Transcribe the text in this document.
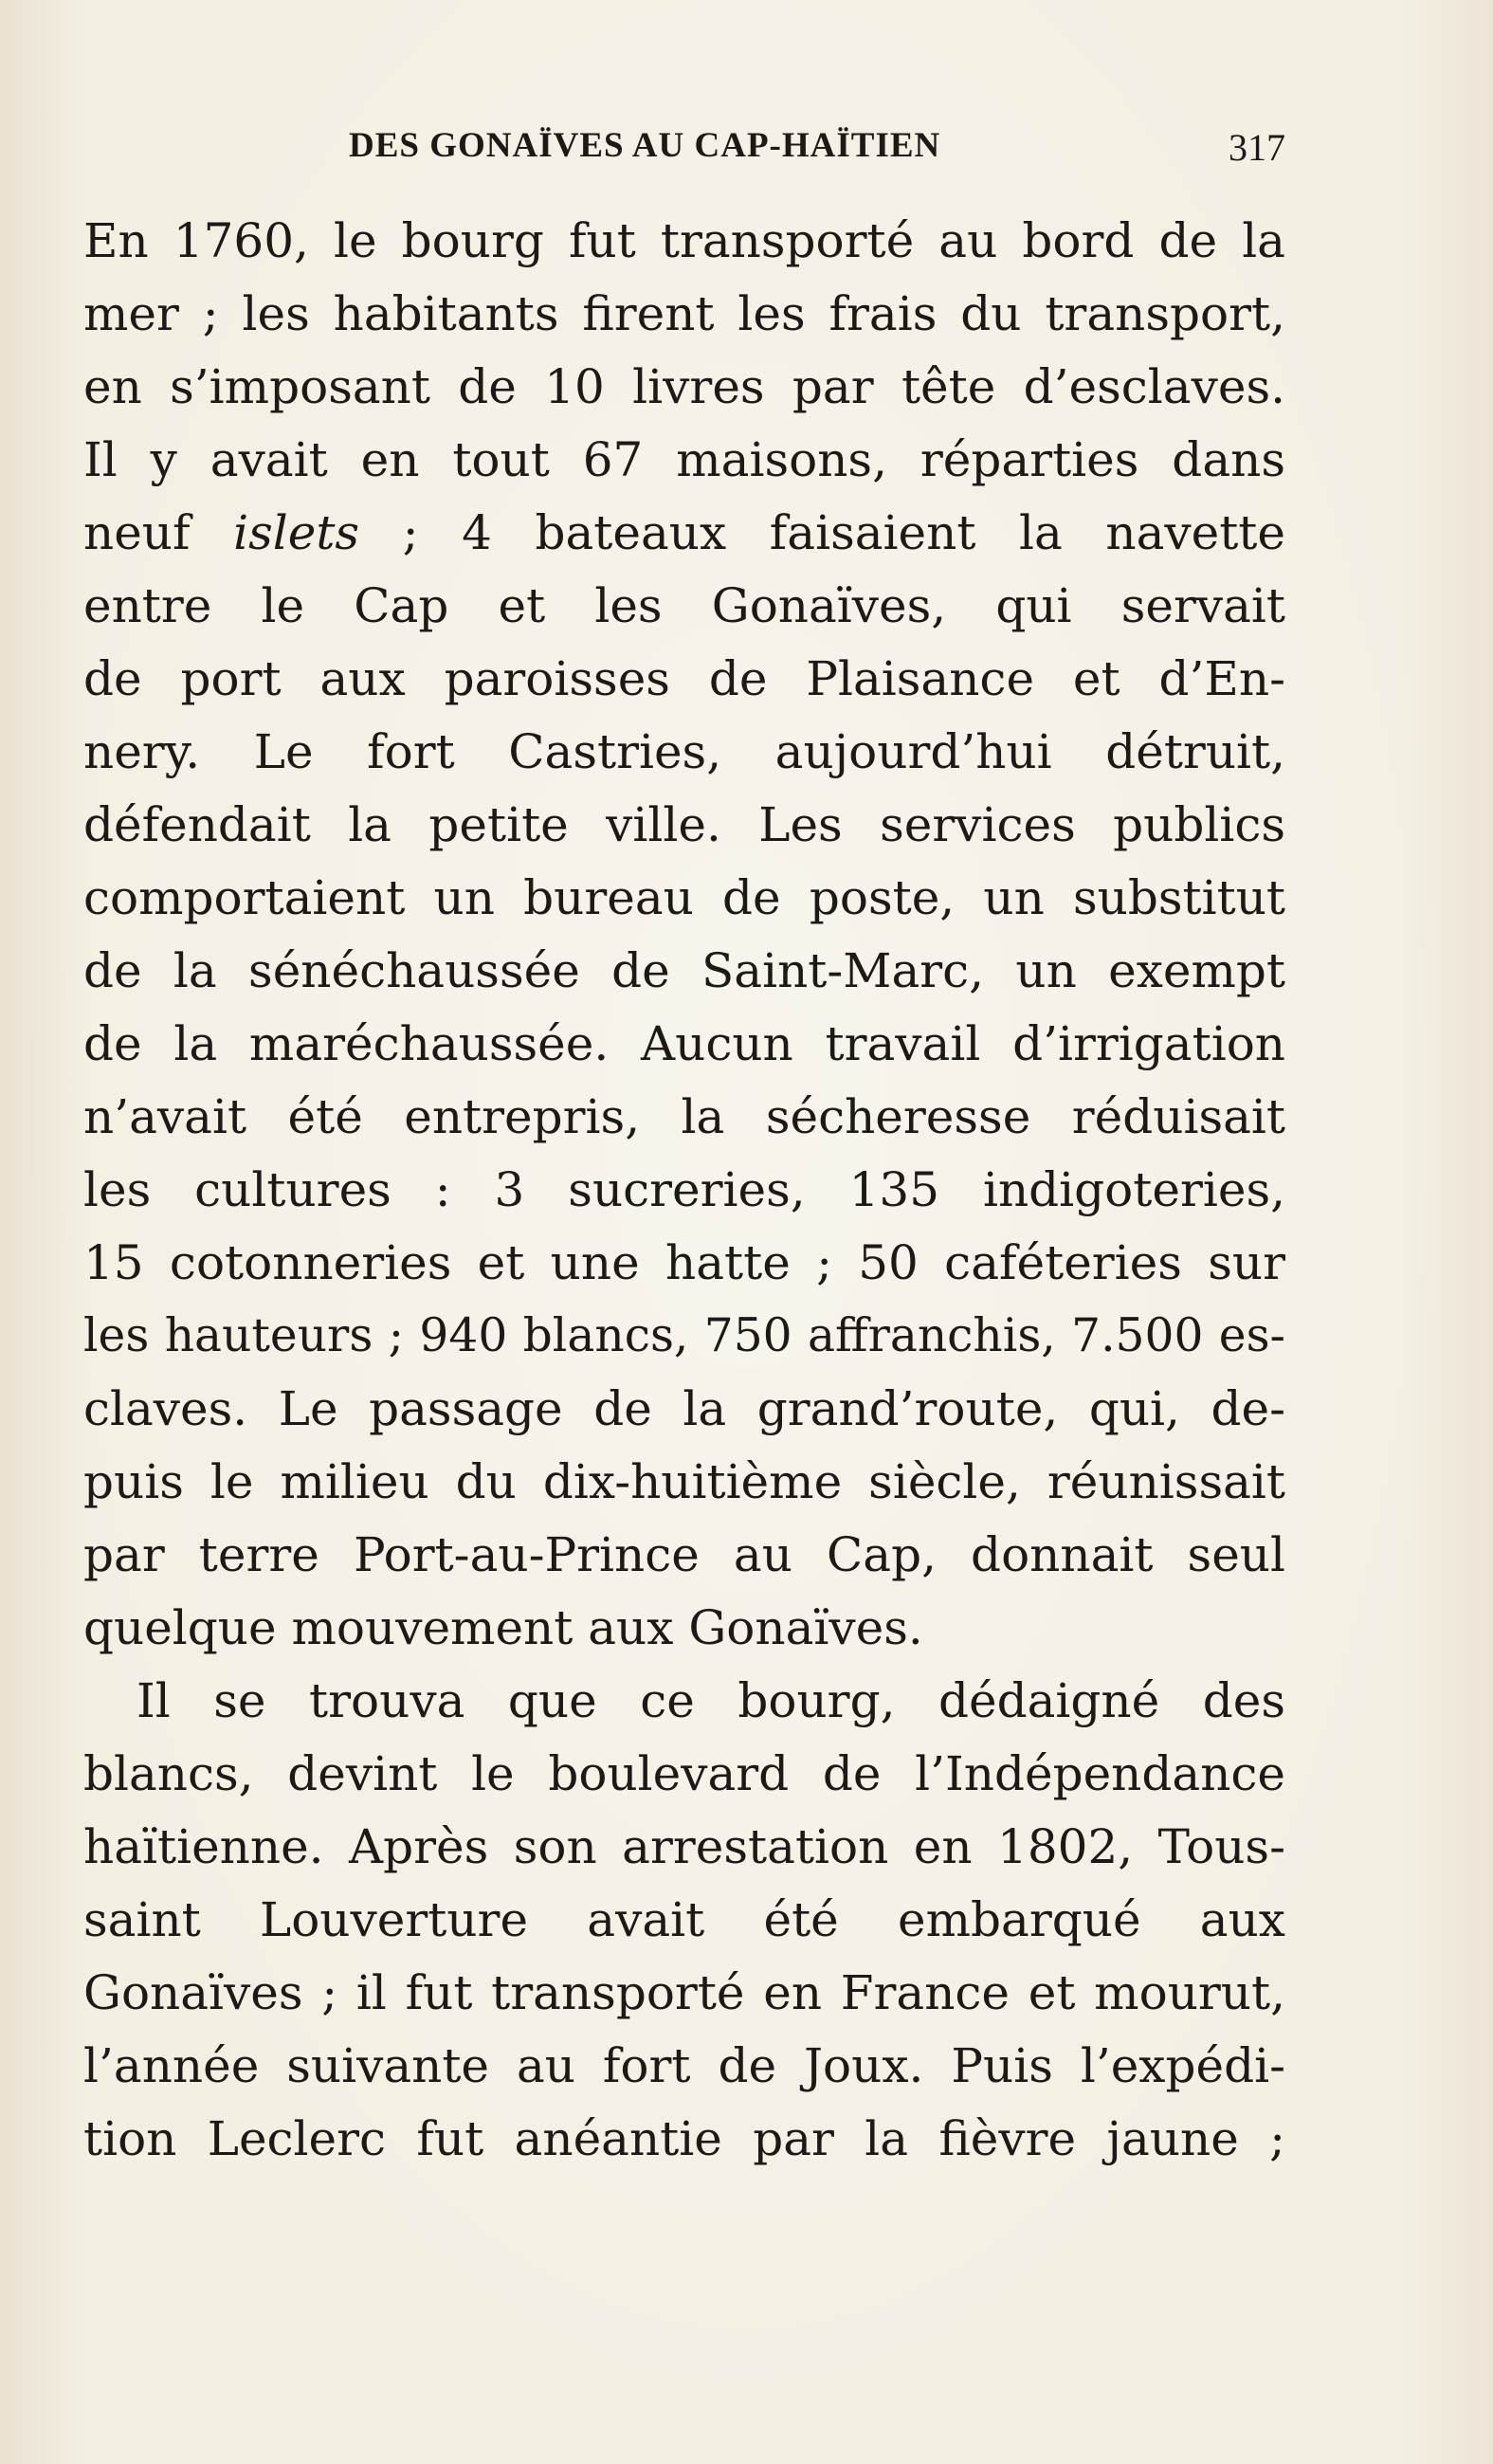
DES GONAÏVES AU CAP-HAÏTIEN	317
En 1760, le bourg fut transporté au bord de la
mer ; les habitants firent les frais du transport,
en s’imposant de 10 livres par tête d’esclaves.
Il y avait en tout 67 maisons, réparties dans
neuf islets ; 4 bateaux faisaient la navette
entre le Cap et les Gonaïves, qui servait
de port aux paroisses de Plaisance et d’En-
nery. Le fort Castries, aujourd’hui détruit,
défendait la petite ville. Les services publics
comportaient un bureau de poste, un substitut
de la sénéchaussée de Saint-Marc, un exempt
de la maréchaussée. Aucun travail d’irrigation
n’avait été entrepris, la sécheresse réduisait
les cultures : 3 sucreries, 135 indigoteries,
15 cotonneries et une hatte ; 50 caféteries sur
les hauteurs ; 940 blancs, 750 affranchis, 7.500 es-
claves. Le passage de la grand’route, qui, de-
puis le milieu du dix-huitième siècle, réunissait
par terre Port-au-Prince au Cap, donnait seul
quelque mouvement aux Gonaïves.
Il se trouva que ce bourg, dédaigné des
blancs, devint le boulevard de l’Indépendance
haïtienne. Après son arrestation en 1802, Tous-
saint Louverture avait été embarqué aux
Gonaïves ; il fut transporté en France et mourut,
l’année suivante au fort de Joux. Puis l’expédi-
tion Leclerc fut anéantie par la fièvre jaune ;
